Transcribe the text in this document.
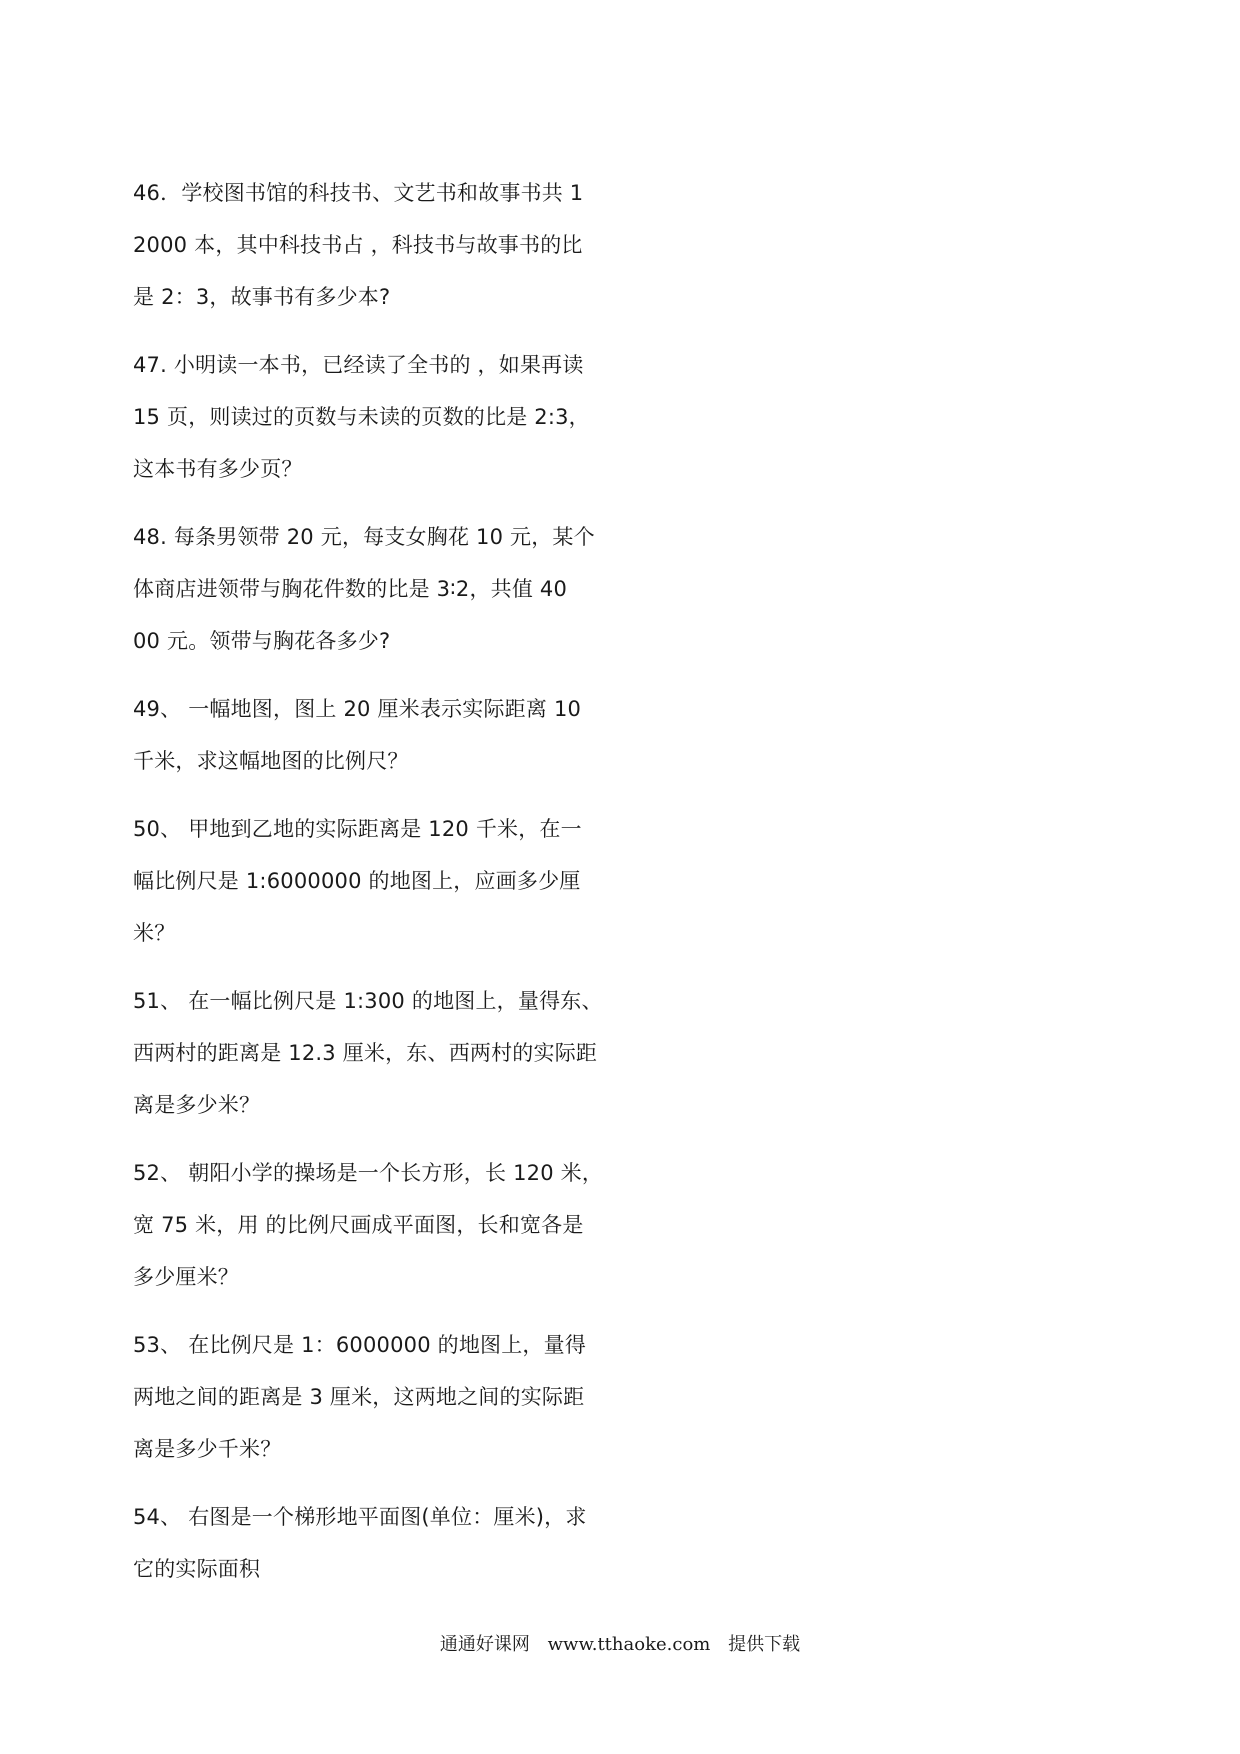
46．学校图书馆的科技书、文艺书和故事书共 1
2000 本，其中科技书占 ，科技书与故事书的比
是 2：3，故事书有多少本?
47. 小明读一本书，已经读了全书的 ，如果再读
15 页，则读过的页数与未读的页数的比是 2:3，
这本书有多少页？
48. 每条男领带 20 元，每支女胸花 10 元，某个
体商店进领带与胸花件数的比是 3∶2，共值 40
00 元。领带与胸花各多少?
49、 一幅地图，图上 20 厘米表示实际距离 10
千米，求这幅地图的比例尺？
50、 甲地到乙地的实际距离是 120 千米，在一
幅比例尺是 1:6000000 的地图上，应画多少厘
米？
51、 在一幅比例尺是 1:300 的地图上，量得东、
西两村的距离是 12.3 厘米，东、西两村的实际距
离是多少米？
52、 朝阳小学的操场是一个长方形，长 120 米，
宽 75 米，用 的比例尺画成平面图，长和宽各是
多少厘米？
53、 在比例尺是 1：6000000 的地图上，量得
两地之间的距离是 3 厘米，这两地之间的实际距
离是多少千米？
54、 右图是一个梯形地平面图(单位：厘米)，求
它的实际面积
通通好课网 www.tthaoke.com 提供下载
